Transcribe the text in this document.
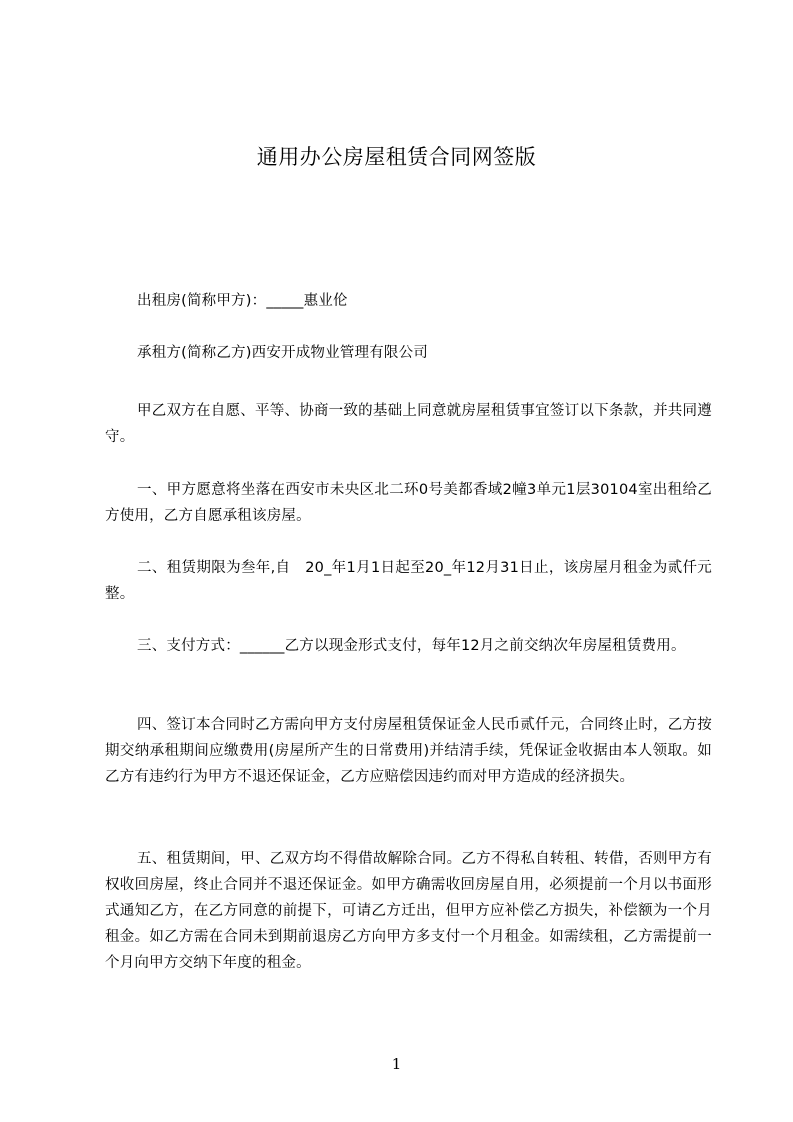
通用办公房屋租赁合同网签版
出租房(简称甲方)：_____惠业伦
承租方(简称乙方)西安开成物业管理有限公司
甲乙双方在自愿、平等、协商一致的基础上同意就房屋租赁事宜签订以下条款，并共同遵守。
一、甲方愿意将坐落在西安市未央区北二环0号美都香域2幢3单元1层30104室出租给乙方使用，乙方自愿承租该房屋。
二、租赁期限为叁年,自　20_年1月1日起至20_年12月31日止，该房屋月租金为贰仟元整。
三、支付方式：______乙方以现金形式支付，每年12月之前交纳次年房屋租赁费用。
四、签订本合同时乙方需向甲方支付房屋租赁保证金人民币贰仟元，合同终止时，乙方按期交纳承租期间应缴费用(房屋所产生的日常费用)并结清手续，凭保证金收据由本人领取。如乙方有违约行为甲方不退还保证金，乙方应赔偿因违约而对甲方造成的经济损失。
五、租赁期间，甲、乙双方均不得借故解除合同。乙方不得私自转租、转借，否则甲方有权收回房屋，终止合同并不退还保证金。如甲方确需收回房屋自用，必须提前一个月以书面形式通知乙方，在乙方同意的前提下，可请乙方迁出，但甲方应补偿乙方损失，补偿额为一个月租金。如乙方需在合同未到期前退房乙方向甲方多支付一个月租金。如需续租，乙方需提前一个月向甲方交纳下年度的租金。
1
